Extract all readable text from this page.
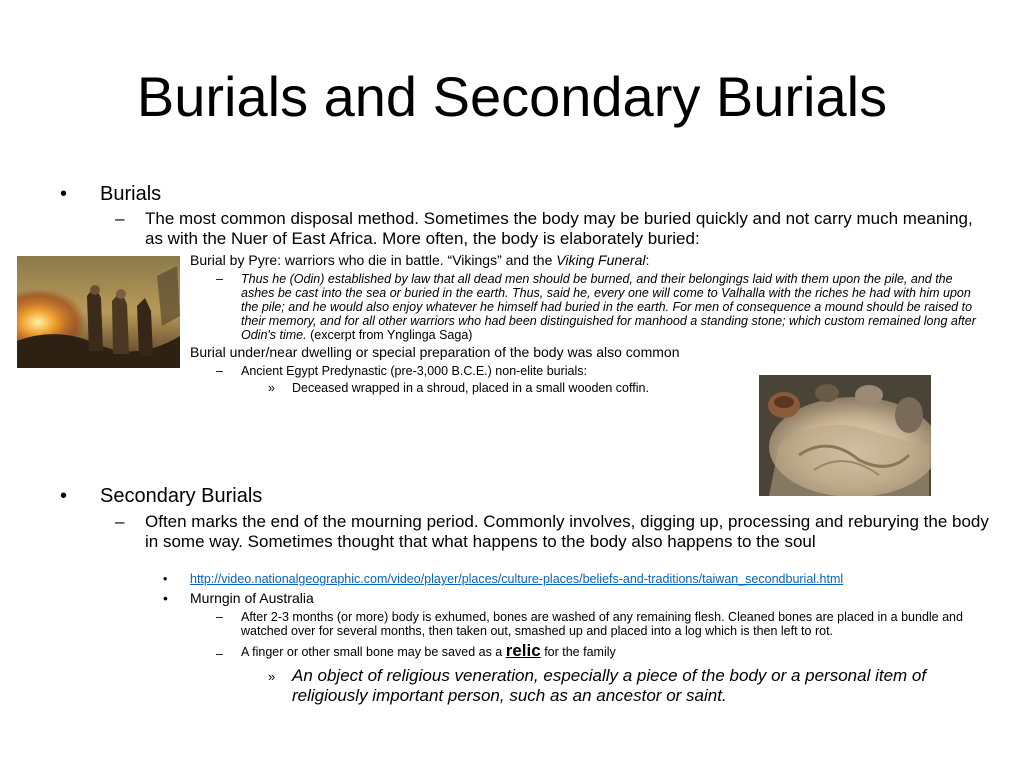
Burials and Secondary Burials
• Burials

– The most common disposal method. Sometimes the body may be buried quickly and not carry much meaning, as with the Nuer of East Africa. More often, the body is elaborately buried:

Burial by Pyre: warriors who die in battle. “Vikings” and the Viking Funeral:

– Thus he (Odin) established by law that all dead men should be burned, and their belongings laid with them upon the pile, and the ashes be cast into the sea or buried in the earth. Thus, said he, every one will come to Valhalla with the riches he had with him upon the pile; and he would also enjoy whatever he himself had buried in the earth. For men of consequence a mound should be raised to their memory, and for all other warriors who had been distinguished for manhood a standing stone; which custom remained long after Odin's time. (excerpt from Ynglinga Saga)

Burial under/near dwelling or special preparation of the body was also common

– Ancient Egypt Predynastic (pre-3,000 B.C.E.) non-elite burials:

» Deceased wrapped in a shroud, placed in a small wooden coffin.

• Secondary Burials

– Often marks the end of the mourning period. Commonly involves, digging up, processing and reburying the body in some way. Sometimes thought that what happens to the body also happens to the soul

• http://video.nationalgeographic.com/video/player/places/culture-places/beliefs-and-traditions/taiwan_secondburial.html
• Murngin of Australia

– After 2-3 months (or more) body is exhumed, bones are washed of any remaining flesh. Cleaned bones are placed in a bundle and watched over for several months, then taken out, smashed up and placed into a log which is then left to rot.

– A finger or other small bone may be saved as a relic for the family

» An object of religious veneration, especially a piece of the body or a personal item of religiously important person, such as an ancestor or saint.
